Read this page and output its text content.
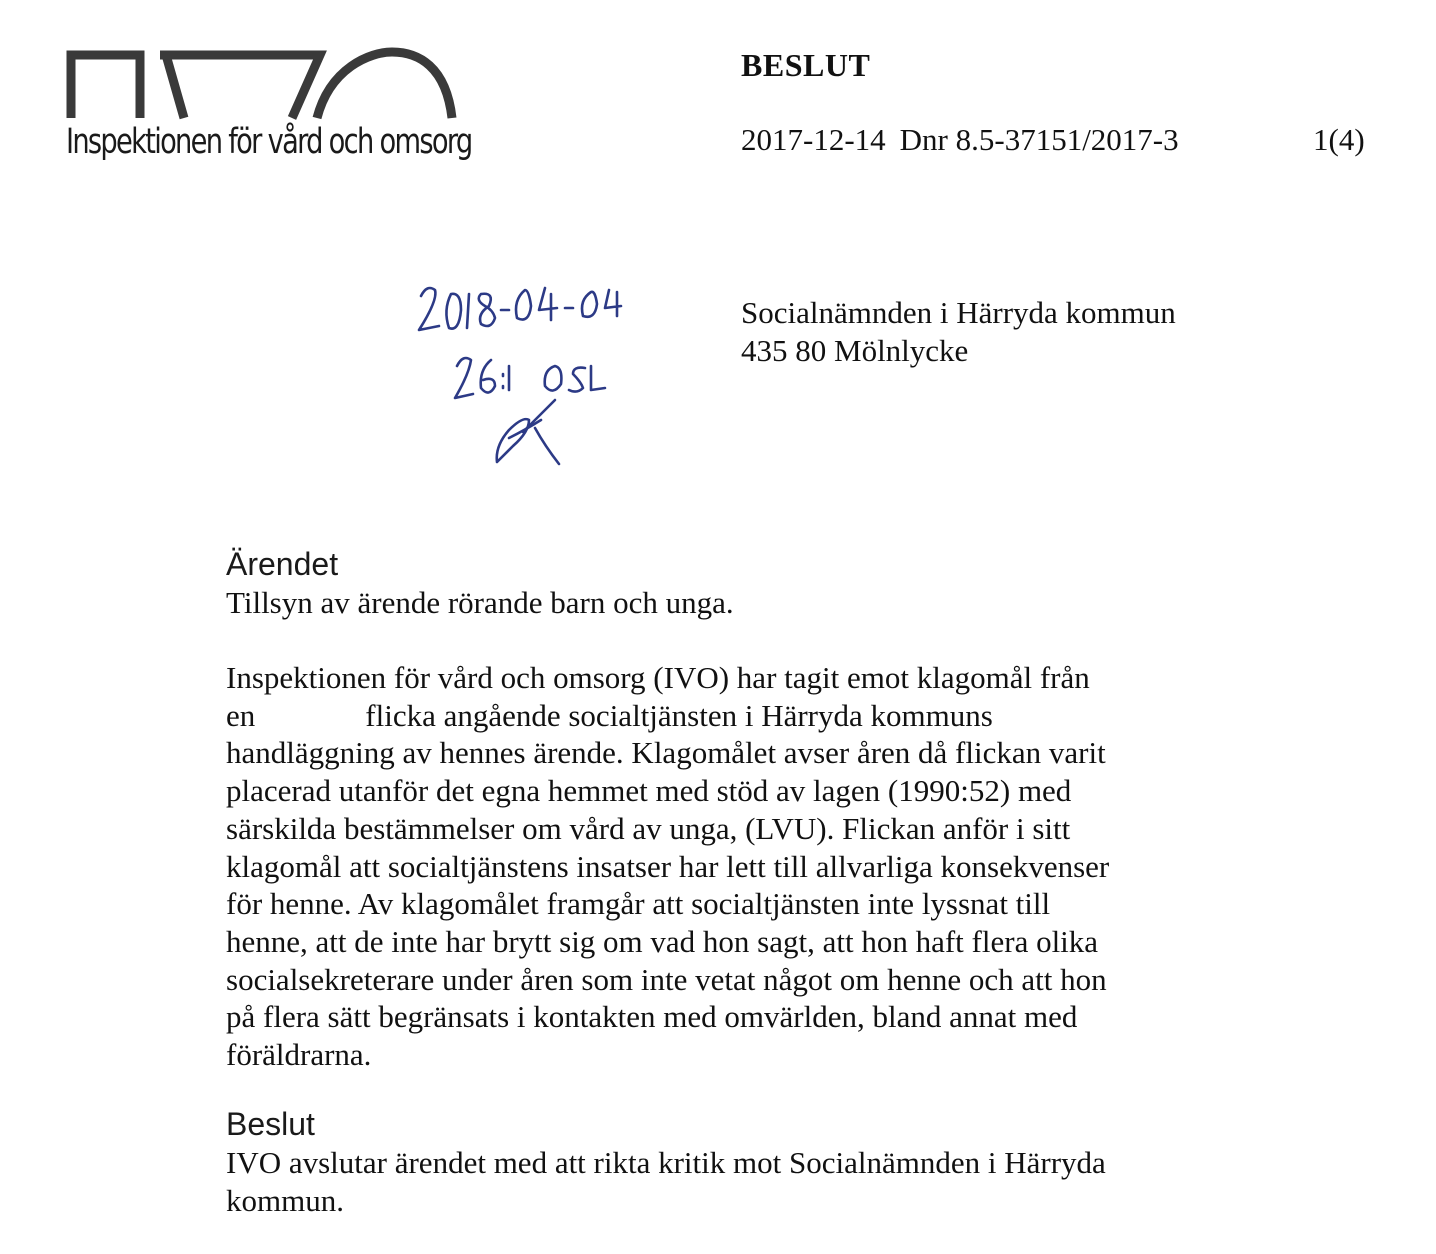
Inspektionen för vård och omsorg
BESLUT
2017-12-14 Dnr 8.5-37151/2017-3	1(4)
Socialnämnden i Härryda kommun
435 80 Mölnlycke
Ärendet
Tillsyn av ärende rörande barn och unga.
Inspektionen för vård och omsorg (IVO) har tagit emot klagomål från
en	flicka angående socialtjänsten i Härryda kommuns
handläggning av hennes ärende. Klagomålet avser åren då flickan varit
placerad utanför det egna hemmet med stöd av lagen (1990:52) med
särskilda bestämmelser om vård av unga, (LVU). Flickan anför i sitt
klagomål att socialtjänstens insatser har lett till allvarliga konsekvenser
för henne. Av klagomålet framgår att socialtjänsten inte lyssnat till
henne, att de inte har brytt sig om vad hon sagt, att hon haft flera olika
socialsekreterare under åren som inte vetat något om henne och att hon
på flera sätt begränsats i kontakten med omvärlden, bland annat med
föräldrarna.
Beslut
IVO avslutar ärendet med att rikta kritik mot Socialnämnden i Härryda
kommun.
